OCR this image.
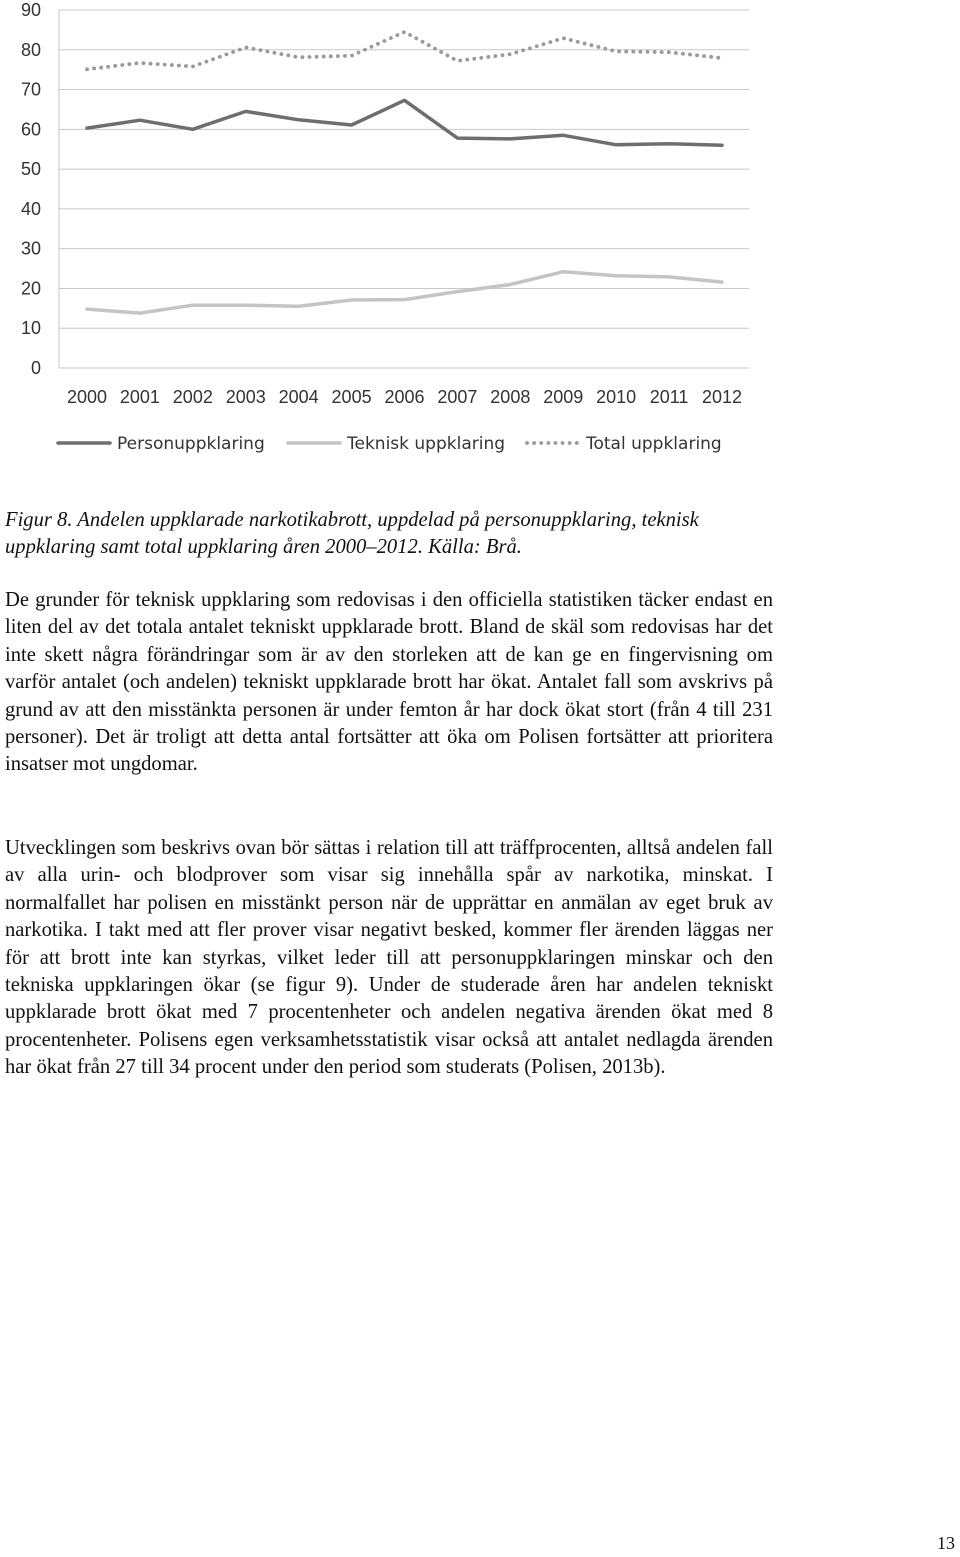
0
10
20
30
40
50
60
70
80
90
2000 2001 2002 2003 2004 2005 2006 2007 2008 2009 2010 2011 2012
Personuppklaring	Teknisk uppklaring	Total uppklaring

Figur 8. Andelen uppklarade narkotikabrott, uppdelad på personuppklaring, teknisk uppklaring samt total uppklaring åren 2000–2012. Källa: Brå.

De grunder för teknisk uppklaring som redovisas i den officiella statistiken täcker endast en liten del av det totala antalet tekniskt uppklarade brott. Bland de skäl som redovisas har det inte skett några förändringar som är av den storleken att de kan ge en fingervisning om varför antalet (och andelen) tekniskt uppklarade brott har ökat. Antalet fall som avskrivs på grund av att den misstänkta personen är under femton år har dock ökat stort (från 4 till 231 personer). Det är troligt att detta antal fortsätter att öka om Polisen fortsätter att prioritera insatser mot ungdomar.

Utvecklingen som beskrivs ovan bör sättas i relation till att träffprocenten, alltså andelen fall av alla urin- och blodprover som visar sig innehålla spår av narkotika, minskat. I normalfallet har polisen en misstänkt person när de upprättar en anmälan av eget bruk av narkotika. I takt med att fler prover visar negativt besked, kommer fler ärenden läggas ner för att brott inte kan styrkas, vilket leder till att personuppklaringen minskar och den tekniska uppklaringen ökar (se figur 9). Under de studerade åren har andelen tekniskt uppklarade brott ökat med 7 procentenheter och andelen negativa ärenden ökat med 8 procentenheter. Polisens egen verksamhetsstatistik visar också att antalet nedlagda ärenden har ökat från 27 till 34 procent under den period som studerats (Polisen, 2013b).

13
